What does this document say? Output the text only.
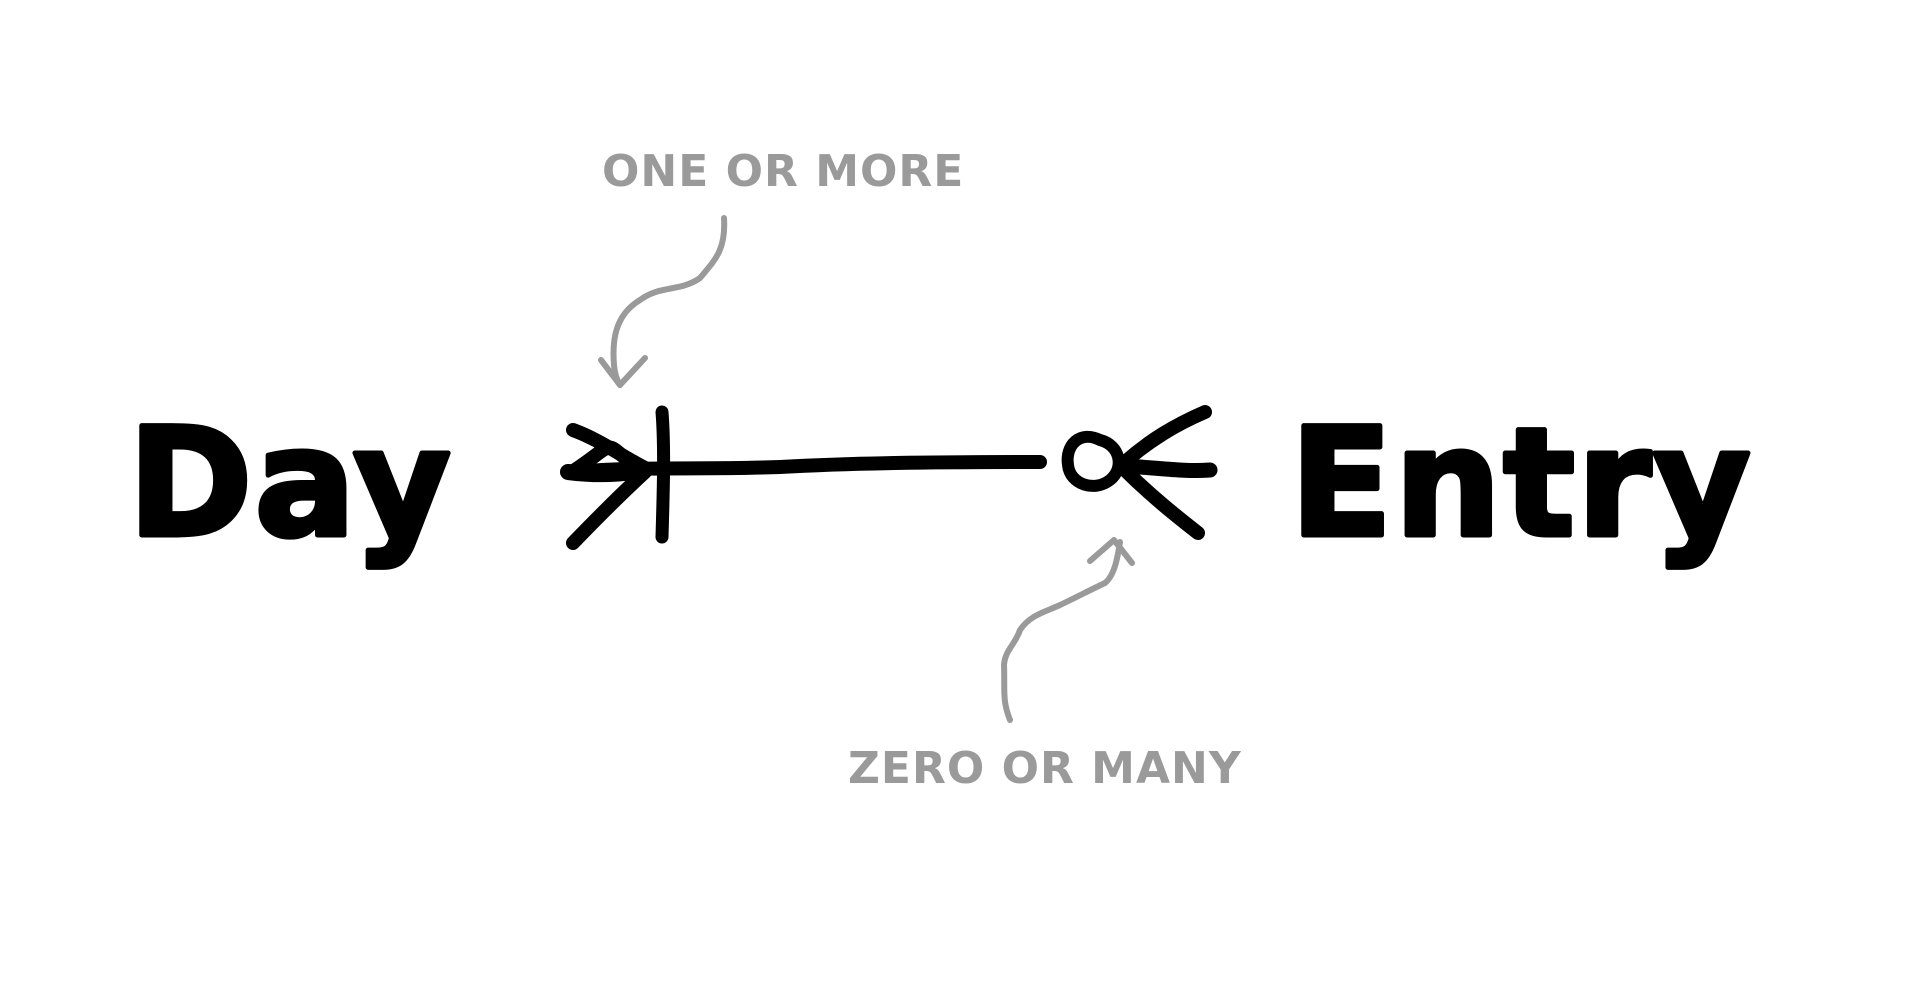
Day	Entry
ONE OR MORE
ZERO OR MANY
